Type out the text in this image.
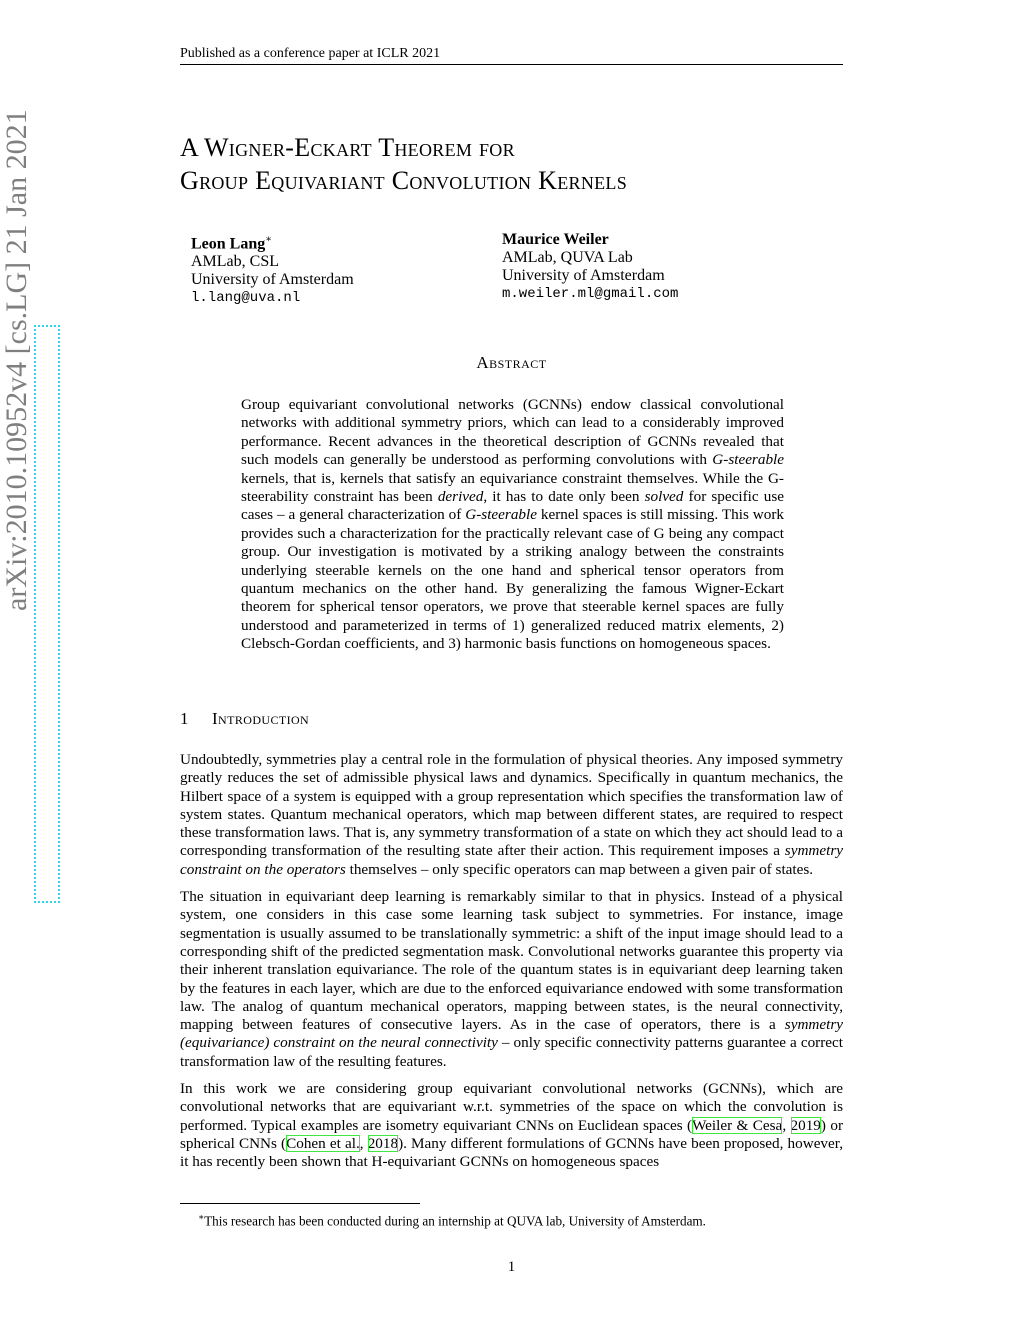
Published as a conference paper at ICLR 2021
arXiv:2010.10952v4 [cs.LG] 21 Jan 2021	A Wigner-Eckart Theorem for
Group Equivariant Convolution Kernels
Leon Lang∗
AMLab, CSL
University of Amsterdam
l.lang@uva.nl
Maurice Weiler
AMLab, QUVA Lab
University of Amsterdam
m.weiler.ml@gmail.com
Abstract
Group equivariant convolutional networks (GCNNs) endow classical convolutional networks with additional symmetry priors, which can lead to a considerably improved performance. Recent advances in the theoretical description of GCNNs revealed that such models can generally be understood as performing convolutions with G-steerable kernels, that is, kernels that satisfy an equivariance constraint themselves. While the G-steerability constraint has been derived, it has to date only been solved for specific use cases – a general characterization of G-steerable kernel spaces is still missing. This work provides such a characterization for the practically relevant case of G being any compact group. Our investigation is motivated by a striking analogy between the constraints underlying steerable kernels on the one hand and spherical tensor operators from quantum mechanics on the other hand. By generalizing the famous Wigner-Eckart theorem for spherical tensor operators, we prove that steerable kernel spaces are fully understood and parameterized in terms of 1) generalized reduced matrix elements, 2) Clebsch-Gordan coefficients, and 3) harmonic basis functions on homogeneous spaces.
1 Introduction

Undoubtedly, symmetries play a central role in the formulation of physical theories. Any imposed symmetry greatly reduces the set of admissible physical laws and dynamics. Specifically in quantum mechanics, the Hilbert space of a system is equipped with a group representation which specifies the transformation law of system states. Quantum mechanical operators, which map between different states, are required to respect these transformation laws. That is, any symmetry transformation of a state on which they act should lead to a corresponding transformation of the resulting state after their action. This requirement imposes a symmetry constraint on the operators themselves – only specific operators can map between a given pair of states.

The situation in equivariant deep learning is remarkably similar to that in physics. Instead of a physical system, one considers in this case some learning task subject to symmetries. For instance, image segmentation is usually assumed to be translationally symmetric: a shift of the input image should lead to a corresponding shift of the predicted segmentation mask. Convolutional networks guarantee this property via their inherent translation equivariance. The role of the quantum states is in equivariant deep learning taken by the features in each layer, which are due to the enforced equivariance endowed with some transformation law. The analog of quantum mechanical operators, mapping between states, is the neural connectivity, mapping between features of consecutive layers. As in the case of operators, there is a symmetry (equivariance) constraint on the neural connectivity – only specific connectivity patterns guarantee a correct transformation law of the resulting features.

In this work we are considering group equivariant convolutional networks (GCNNs), which are convolutional networks that are equivariant w.r.t. symmetries of the space on which the convolution is performed. Typical examples are isometry equivariant CNNs on Euclidean spaces (Weiler & Cesa, 2019) or spherical CNNs (Cohen et al., 2018). Many different formulations of GCNNs have been proposed, however, it has recently been shown that H-equivariant GCNNs on homogeneous spaces

∗This research has been conducted during an internship at QUVA lab, University of Amsterdam.
1
